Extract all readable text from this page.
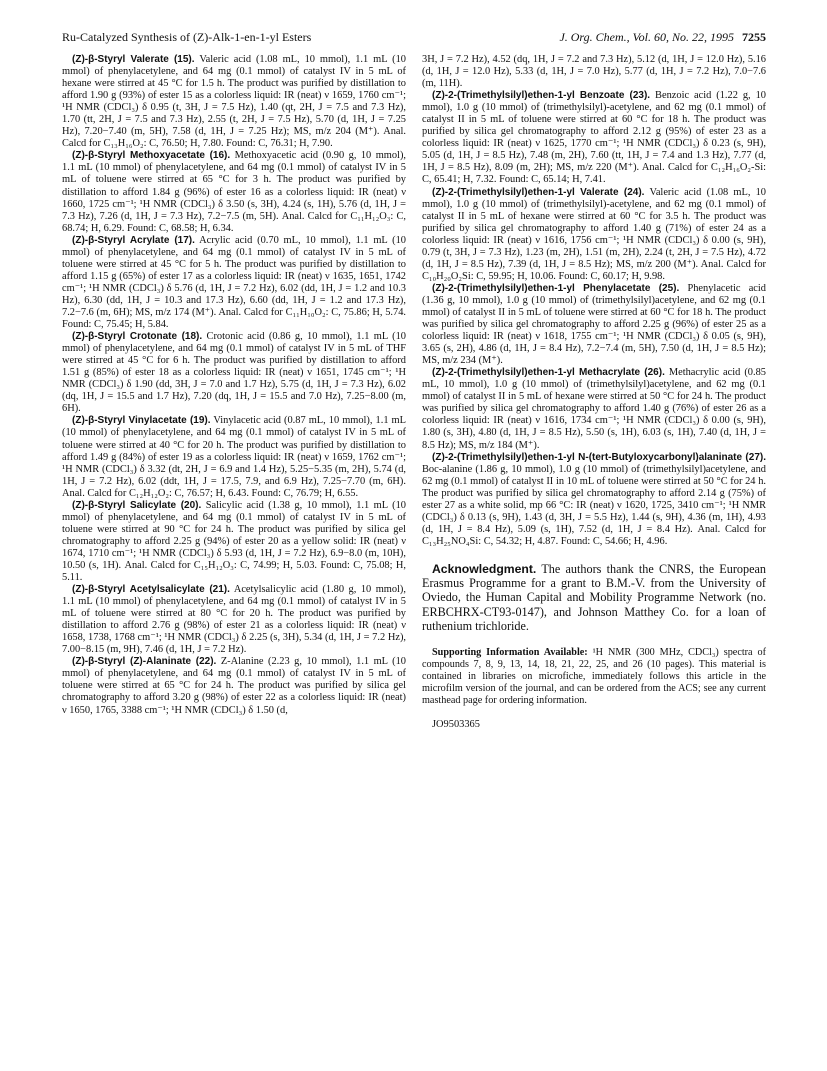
Ru-Catalyzed Synthesis of (Z)-Alk-1-en-1-yl Esters	J. Org. Chem., Vol. 60, No. 22, 1995 7255

(Z)-β-Styryl Valerate (15). Valeric acid (1.08 mL, 10 mmol), 1.1 mL (10 mmol) of phenylacetylene, and 64 mg (0.1 mmol) of catalyst IV in 5 mL of hexane were stirred at 45 °C for 1.5 h. The product was purified by distillation to afford 1.90 g (93%) of ester 15 as a colorless liquid: IR (neat) ν 1659, 1760 cm⁻¹; ¹H NMR (CDCl₃) δ 0.95 (t, 3H, J = 7.5 Hz), 1.40 (qt, 2H, J = 7.5 and 7.3 Hz), 1.70 (tt, 2H, J = 7.5 and 7.3 Hz), 2.55 (t, 2H, J = 7.5 Hz), 5.70 (d, 1H, J = 7.25 Hz), 7.20−7.40 (m, 5H), 7.58 (d, 1H, J = 7.25 Hz); MS, m/z 204 (M⁺). Anal. Calcd for C₁₃H₁₆O₂: C, 76.50; H, 7.80. Found: C, 76.31; H, 7.90.

(Z)-β-Styryl Methoxyacetate (16). Methoxyacetic acid (0.90 g, 10 mmol), 1.1 mL (10 mmol) of phenylacetylene, and 64 mg (0.1 mmol) of catalyst IV in 5 mL of toluene were stirred at 65 °C for 3 h. The product was purified by distillation to afford 1.84 g (96%) of ester 16 as a colorless liquid: IR (neat) ν 1660, 1725 cm⁻¹; ¹H NMR (CDCl₃) δ 3.50 (s, 3H), 4.24 (s, 1H), 5.76 (d, 1H, J = 7.3 Hz), 7.26 (d, 1H, J = 7.3 Hz), 7.2−7.5 (m, 5H). Anal. Calcd for C₁₁H₁₂O₃: C, 68.74; H, 6.29. Found: C, 68.58; H, 6.34.

(Z)-β-Styryl Acrylate (17). Acrylic acid (0.70 mL, 10 mmol), 1.1 mL (10 mmol) of phenylacetylene, and 64 mg (0.1 mmol) of catalyst IV in 5 mL of toluene were stirred at 45 °C for 5 h. The product was purified by distillation to afford 1.15 g (65%) of ester 17 as a colorless liquid: IR (neat) ν 1635, 1651, 1742 cm⁻¹; ¹H NMR (CDCl₃) δ 5.76 (d, 1H, J = 7.2 Hz), 6.02 (dd, 1H, J = 1.2 and 10.3 Hz), 6.30 (dd, 1H, J = 10.3 and 17.3 Hz), 6.60 (dd, 1H, J = 1.2 and 17.3 Hz), 7.2−7.6 (m, 6H); MS, m/z 174 (M⁺). Anal. Calcd for C₁₁H₁₀O₂: C, 75.86; H, 5.74. Found: C, 75.45; H, 5.84.

(Z)-β-Styryl Crotonate (18). Crotonic acid (0.86 g, 10 mmol), 1.1 mL (10 mmol) of phenylacetylene, and 64 mg (0.1 mmol) of catalyst IV in 5 mL of THF were stirred at 45 °C for 6 h. The product was purified by distillation to afford 1.51 g (85%) of ester 18 as a colorless liquid: IR (neat) ν 1651, 1745 cm⁻¹; ¹H NMR (CDCl₃) δ 1.90 (dd, 3H, J = 7.0 and 1.7 Hz), 5.75 (d, 1H, J = 7.3 Hz), 6.02 (dq, 1H, J = 15.5 and 1.7 Hz), 7.20 (dq, 1H, J = 15.5 and 7.0 Hz), 7.25−8.00 (m, 6H).

(Z)-β-Styryl Vinylacetate (19). Vinylacetic acid (0.87 mL, 10 mmol), 1.1 mL (10 mmol) of phenylacetylene, and 64 mg (0.1 mmol) of catalyst IV in 5 mL of toluene were stirred at 40 °C for 20 h. The product was purified by distillation to afford 1.49 g (84%) of ester 19 as a colorless liquid: IR (neat) ν 1659, 1762 cm⁻¹; ¹H NMR (CDCl₃) δ 3.32 (dt, 2H, J = 6.9 and 1.4 Hz), 5.25−5.35 (m, 2H), 5.74 (d, 1H, J = 7.2 Hz), 6.02 (ddt, 1H, J = 17.5, 7.9, and 6.9 Hz), 7.25−7.70 (m, 6H). Anal. Calcd for C₁₂H₁₂O₂: C, 76.57; H, 6.43. Found: C, 76.79; H, 6.55.

(Z)-β-Styryl Salicylate (20). Salicylic acid (1.38 g, 10 mmol), 1.1 mL (10 mmol) of phenylacetylene, and 64 mg (0.1 mmol) of catalyst IV in 5 mL of toluene were stirred at 90 °C for 24 h. The product was purified by silica gel chromatography to afford 2.25 g (94%) of ester 20 as a yellow solid: IR (neat) ν 1674, 1710 cm⁻¹; ¹H NMR (CDCl₃) δ 5.93 (d, 1H, J = 7.2 Hz), 6.9−8.0 (m, 10H), 10.50 (s, 1H). Anal. Calcd for C₁₅H₁₂O₃: C, 74.99; H, 5.03. Found: C, 75.08; H, 5.11.

(Z)-β-Styryl Acetylsalicylate (21). Acetylsalicylic acid (1.80 g, 10 mmol), 1.1 mL (10 mmol) of phenylacetylene, and 64 mg (0.1 mmol) of catalyst IV in 5 mL of toluene were stirred at 80 °C for 20 h. The product was purified by distillation to afford 2.76 g (98%) of ester 21 as a colorless liquid: IR (neat) ν 1658, 1738, 1768 cm⁻¹; ¹H NMR (CDCl₃) δ 2.25 (s, 3H), 5.34 (d, 1H, J = 7.2 Hz), 7.00−8.15 (m, 9H), 7.46 (d, 1H, J = 7.2 Hz).

(Z)-β-Styryl (Z)-Alaninate (22). Z-Alanine (2.23 g, 10 mmol), 1.1 mL (10 mmol) of phenylacetylene, and 64 mg (0.1 mmol) of catalyst IV in 5 mL of toluene were stirred at 65 °C for 24 h. The product was purified by silica gel chromatography to afford 3.20 g (98%) of ester 22 as a colorless liquid: IR (neat) ν 1650, 1765, 3388 cm⁻¹; ¹H NMR (CDCl₃) δ 1.50 (d,

3H, J = 7.2 Hz), 4.52 (dq, 1H, J = 7.2 and 7.3 Hz), 5.12 (d, 1H, J = 12.0 Hz), 5.16 (d, 1H, J = 12.0 Hz), 5.33 (d, 1H, J = 7.0 Hz), 5.77 (d, 1H, J = 7.2 Hz), 7.0−7.6 (m, 11H).

(Z)-2-(Trimethylsilyl)ethen-1-yl Benzoate (23). Benzoic acid (1.22 g, 10 mmol), 1.0 g (10 mmol) of (trimethylsilyl)-acetylene, and 62 mg (0.1 mmol) of catalyst II in 5 mL of toluene were stirred at 60 °C for 18 h. The product was purified by silica gel chromatography to afford 2.12 g (95%) of ester 23 as a colorless liquid: IR (neat) ν 1625, 1770 cm⁻¹; ¹H NMR (CDCl₃) δ 0.23 (s, 9H), 5.05 (d, 1H, J = 8.5 Hz), 7.48 (m, 2H), 7.60 (tt, 1H, J = 7.4 and 1.3 Hz), 7.77 (d, 1H, J = 8.5 Hz), 8.09 (m, 2H); MS, m/z 220 (M⁺). Anal. Calcd for C₁₂H₁₆O₂-Si: C, 65.41; H, 7.32. Found: C, 65.14; H, 7.41.

(Z)-2-(Trimethylsilyl)ethen-1-yl Valerate (24). Valeric acid (1.08 mL, 10 mmol), 1.0 g (10 mmol) of (trimethylsilyl)-acetylene, and 62 mg (0.1 mmol) of catalyst II in 5 mL of hexane were stirred at 60 °C for 3.5 h. The product was purified by silica gel chromatography to afford 1.40 g (71%) of ester 24 as a colorless liquid: IR (neat) ν 1616, 1756 cm⁻¹; ¹H NMR (CDCl₃) δ 0.00 (s, 9H), 0.79 (t, 3H, J = 7.3 Hz), 1.23 (m, 2H), 1.51 (m, 2H), 2.24 (t, 2H, J = 7.5 Hz), 4.72 (d, 1H, J = 8.5 Hz), 7.39 (d, 1H, J = 8.5 Hz); MS, m/z 200 (M⁺). Anal. Calcd for C₁₀H₂₀O₂Si: C, 59.95; H, 10.06. Found: C, 60.17; H, 9.98.

(Z)-2-(Trimethylsilyl)ethen-1-yl Phenylacetate (25). Phenylacetic acid (1.36 g, 10 mmol), 1.0 g (10 mmol) of (trimethylsilyl)acetylene, and 62 mg (0.1 mmol) of catalyst II in 5 mL of toluene were stirred at 60 °C for 18 h. The product was purified by silica gel chromatography to afford 2.25 g (96%) of ester 25 as a colorless liquid: IR (neat) ν 1618, 1755 cm⁻¹; ¹H NMR (CDCl₃) δ 0.05 (s, 9H), 3.65 (s, 2H), 4.86 (d, 1H, J = 8.4 Hz), 7.2−7.4 (m, 5H), 7.50 (d, 1H, J = 8.5 Hz); MS, m/z 234 (M⁺).

(Z)-2-(Trimethylsilyl)ethen-1-yl Methacrylate (26). Methacrylic acid (0.85 mL, 10 mmol), 1.0 g (10 mmol) of (trimethylsilyl)acetylene, and 62 mg (0.1 mmol) of catalyst II in 5 mL of hexane were stirred at 50 °C for 24 h. The product was purified by silica gel chromatography to afford 1.40 g (76%) of ester 26 as a colorless liquid: IR (neat) ν 1616, 1734 cm⁻¹; ¹H NMR (CDCl₃) δ 0.00 (s, 9H), 1.80 (s, 3H), 4.80 (d, 1H, J = 8.5 Hz), 5.50 (s, 1H), 6.03 (s, 1H), 7.40 (d, 1H, J = 8.5 Hz); MS, m/z 184 (M⁺).

(Z)-2-(Trimethylsilyl)ethen-1-yl N-(tert-Butyloxycarbonyl)alaninate (27). Boc-alanine (1.86 g, 10 mmol), 1.0 g (10 mmol) of (trimethylsilyl)acetylene, and 62 mg (0.1 mmol) of catalyst II in 10 mL of toluene were stirred at 50 °C for 24 h. The product was purified by silica gel chromatography to afford 2.14 g (75%) of ester 27 as a white solid, mp 66 °C: IR (neat) ν 1620, 1725, 3410 cm⁻¹; ¹H NMR (CDCl₃) δ 0.13 (s, 9H), 1.43 (d, 3H, J = 5.5 Hz), 1.44 (s, 9H), 4.36 (m, 1H), 4.93 (d, 1H, J = 8.4 Hz), 5.09 (s, 1H), 7.52 (d, 1H, J = 8.4 Hz). Anal. Calcd for C₁₃H₂₅NO₄Si: C, 54.32; H, 4.87. Found: C, 54.66; H, 4.96.

Acknowledgment. The authors thank the CNRS, the European Erasmus Programme for a grant to B.M.-V. from the University of Oviedo, the Human Capital and Mobility Programme Network (no. ERBCHRX-CT93-0147), and Johnson Matthey Co. for a loan of ruthenium trichloride.

Supporting Information Available: ¹H NMR (300 MHz, CDCl₃) spectra of compounds 7, 8, 9, 13, 14, 18, 21, 22, 25, and 26 (10 pages). This material is contained in libraries on microfiche, immediately follows this article in the microfilm version of the journal, and can be ordered from the ACS; see any current masthead page for ordering information.

JO9503365
